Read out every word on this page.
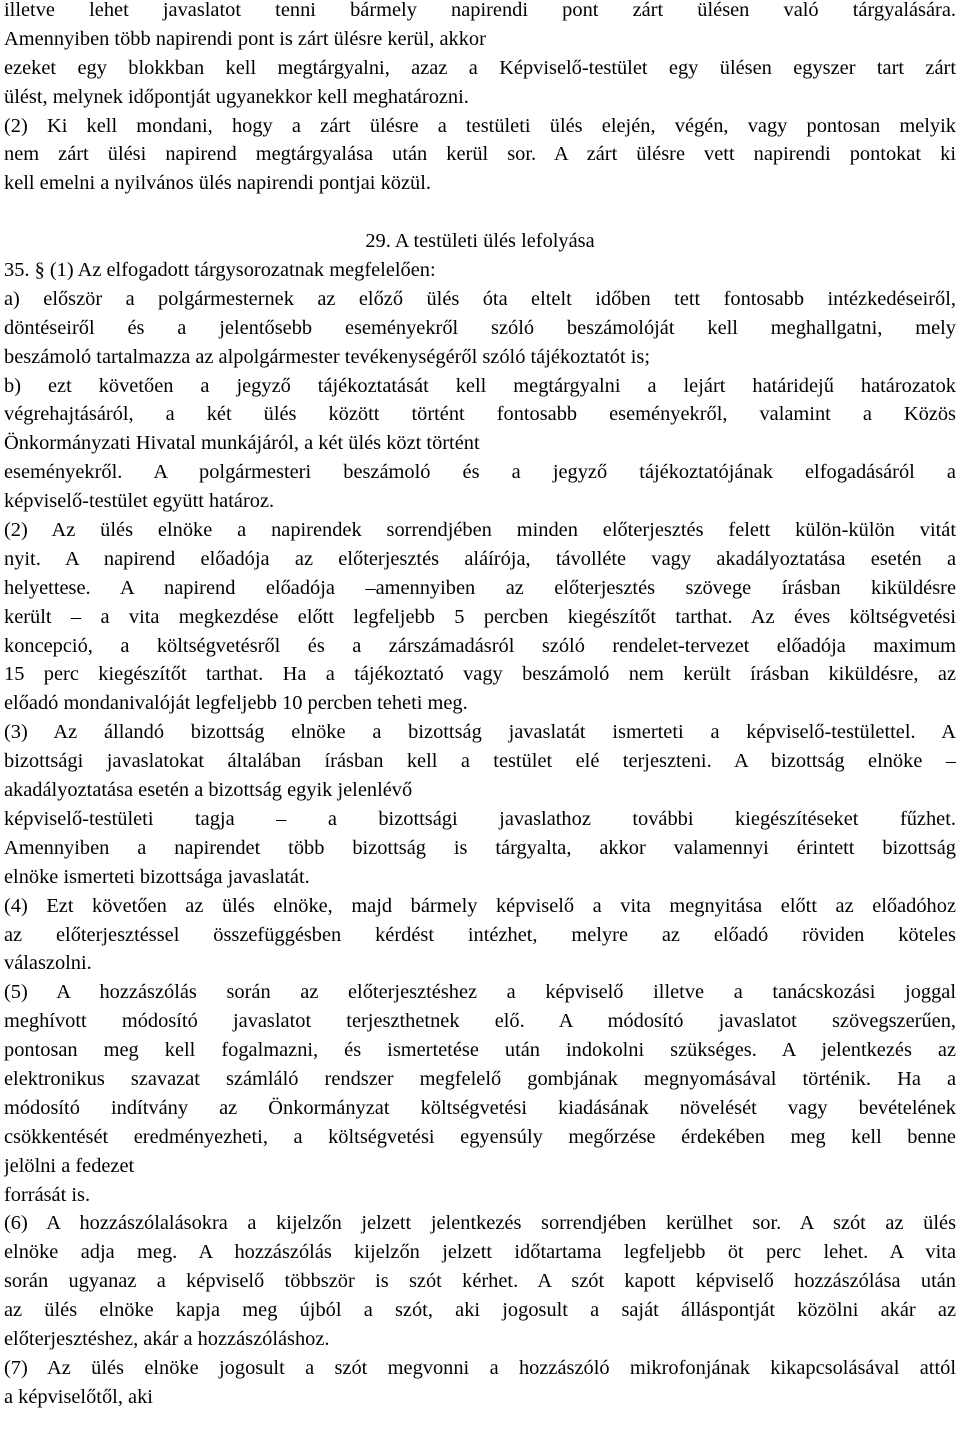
illetve lehet javaslatot tenni bármely napirendi pont zárt ülésen való tárgyalására.
Amennyiben több napirendi pont is zárt ülésre kerül, akkor
ezeket egy blokkban kell megtárgyalni, azaz a Képviselő-testület egy ülésen egyszer tart zárt
ülést, melynek időpontját ugyanekkor kell meghatározni.
(2) Ki kell mondani, hogy a zárt ülésre a testületi ülés elején, végén, vagy pontosan melyik
nem zárt ülési napirend megtárgyalása után kerül sor. A zárt ülésre vett napirendi pontokat ki
kell emelni a nyilvános ülés napirendi pontjai közül.
29. A testületi ülés lefolyása
35. § (1) Az elfogadott tárgysorozatnak megfelelően:
a) először a polgármesternek az előző ülés óta eltelt időben tett fontosabb intézkedéseiről,
döntéseiről és a jelentősebb eseményekről szóló beszámolóját kell meghallgatni, mely
beszámoló tartalmazza az alpolgármester tevékenységéről szóló tájékoztatót is;
b) ezt követően a jegyző tájékoztatását kell megtárgyalni a lejárt határidejű határozatok
végrehajtásáról, a két ülés között történt fontosabb eseményekről, valamint a Közös
Önkormányzati Hivatal munkájáról, a két ülés közt történt
eseményekről. A polgármesteri beszámoló és a jegyző tájékoztatójának elfogadásáról a
képviselő-testület együtt határoz.
(2) Az ülés elnöke a napirendek sorrendjében minden előterjesztés felett külön-külön vitát
nyit. A napirend előadója az előterjesztés aláírója, távolléte vagy akadályoztatása esetén a
helyettese. A napirend előadója –amennyiben az előterjesztés szövege írásban kiküldésre
került – a vita megkezdése előtt legfeljebb 5 percben kiegészítőt tarthat. Az éves költségvetési
koncepció, a költségvetésről és a zárszámadásról szóló rendelet-tervezet előadója maximum
15 perc kiegészítőt tarthat. Ha a tájékoztató vagy beszámoló nem került írásban kiküldésre, az
előadó mondanivalóját legfeljebb 10 percben teheti meg.
(3) Az állandó bizottság elnöke a bizottság javaslatát ismerteti a képviselő-testülettel. A
bizottsági javaslatokat általában írásban kell a testület elé terjeszteni. A bizottság elnöke –
akadályoztatása esetén a bizottság egyik jelenlévő
képviselő-testületi tagja – a bizottsági javaslathoz további kiegészítéseket fűzhet.
Amennyiben a napirendet több bizottság is tárgyalta, akkor valamennyi érintett bizottság
elnöke ismerteti bizottsága javaslatát.
(4) Ezt követően az ülés elnöke, majd bármely képviselő a vita megnyitása előtt az előadóhoz
az előterjesztéssel összefüggésben kérdést intézhet, melyre az előadó röviden köteles
válaszolni.
(5) A hozzászólás során az előterjesztéshez a képviselő illetve a tanácskozási joggal
meghívott módosító javaslatot terjeszthetnek elő. A módosító javaslatot szövegszerűen,
pontosan meg kell fogalmazni, és ismertetése után indokolni szükséges. A jelentkezés az
elektronikus szavazat számláló rendszer megfelelő gombjának megnyomásával történik. Ha a
módosító indítvány az Önkormányzat költségvetési kiadásának növelését vagy bevételének
csökkentését eredményezheti, a költségvetési egyensúly megőrzése érdekében meg kell benne
jelölni a fedezet
forrását is.
(6) A hozzászólalásokra a kijelzőn jelzett jelentkezés sorrendjében kerülhet sor. A szót az ülés
elnöke adja meg. A hozzászólás kijelzőn jelzett időtartama legfeljebb öt perc lehet. A vita
során ugyanaz a képviselő többször is szót kérhet. A szót kapott képviselő hozzászólása után
az ülés elnöke kapja meg újból a szót, aki jogosult a saját álláspontját közölni akár az
előterjesztéshez, akár a hozzászóláshoz.
(7) Az ülés elnöke jogosult a szót megvonni a hozzászóló mikrofonjának kikapcsolásával attól
a képviselőtől, aki
